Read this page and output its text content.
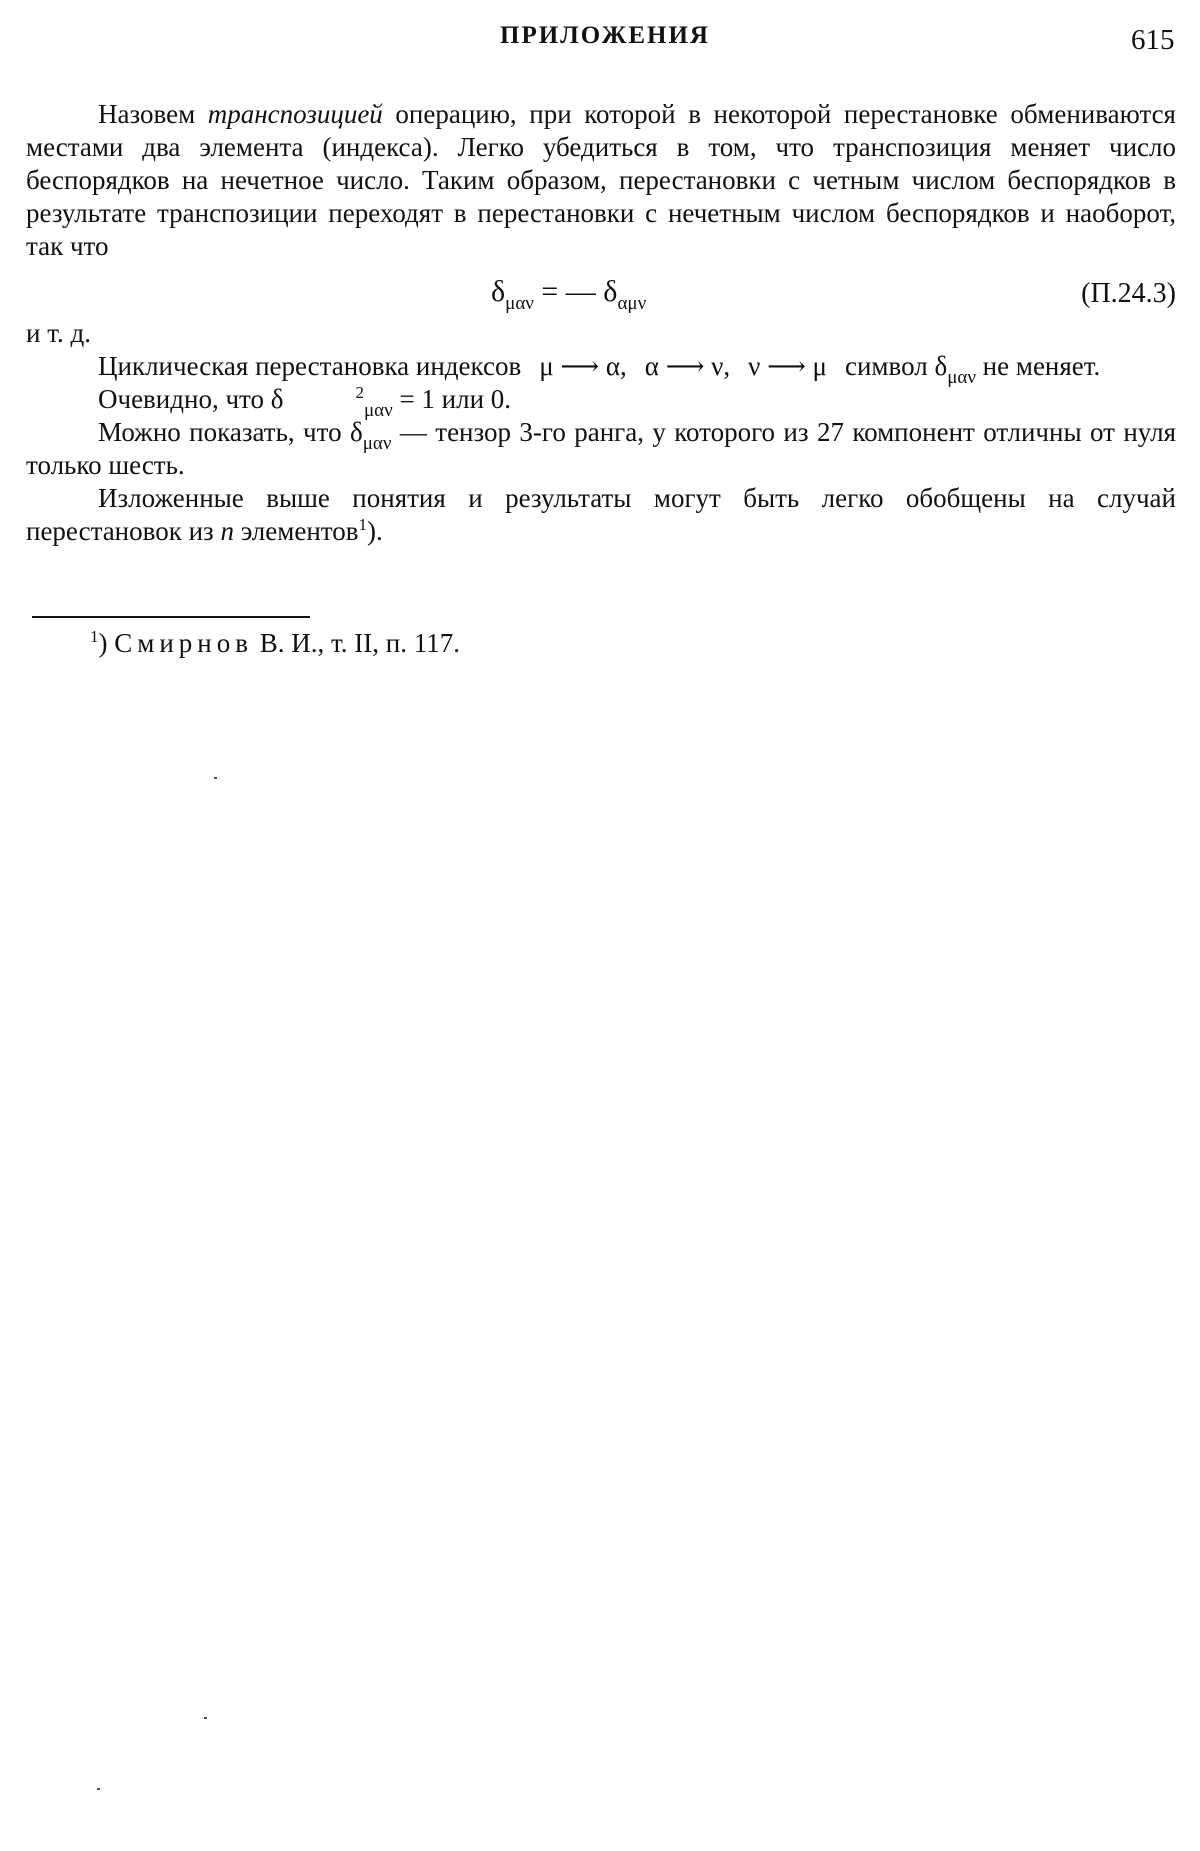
ПРИЛОЖЕНИЯ	615

Назовем транспозицией операцию, при которой в некоторой перестановке обмениваются местами два элемента (индекса). Легко убедиться в том, что транспозиция меняет число беспорядков на нечетное число. Таким образом, перестановки с четным числом беспорядков в результате транспозиции переходят в перестановки с нечетным числом беспорядков и наоборот, так что

$\delta_{\mu\alpha\nu}$ = — $\delta_{\alpha\mu\nu}$	(П.24.3)

и т. д.

Циклическая перестановка индексов μ ⟶ α, α ⟶ ν, ν ⟶ μ символ $\delta_{\mu\alpha\nu}$ не меняет.

Очевидно, что δ	$^2_{\mu\alpha\nu}$ = 1 или 0.

Можно показать, что $\delta_{\mu\alpha\nu}$ — тензор 3-го ранга, у которого из 27 компонент отличны от нуля только шесть.

Изложенные выше понятия и результаты могут быть легко обобщены на случай перестановок из n элементов$^1$).

$^1$) Смирнов В. И., т. II, п. 117.
